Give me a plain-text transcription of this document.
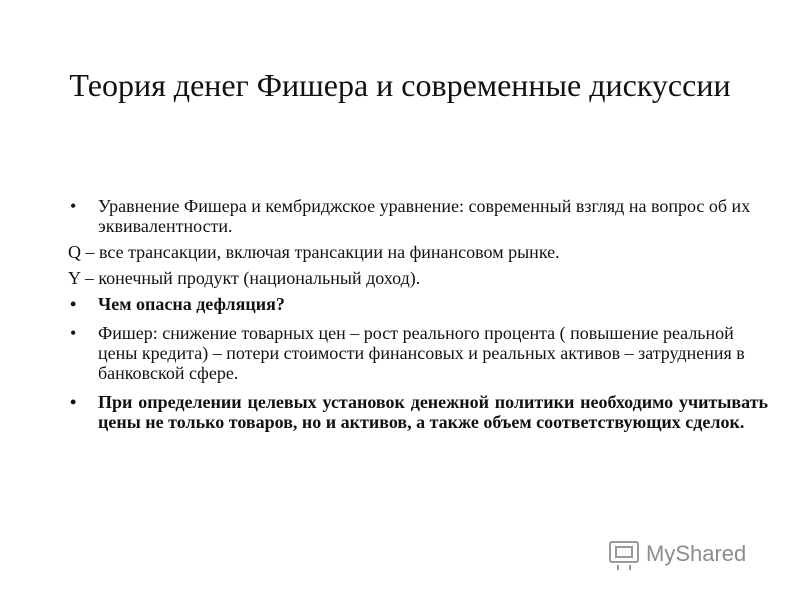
Теория денег Фишера и современные дискуссии
• Уравнение Фишера и кембриджское уравнение: современный взгляд на вопрос об их эквивалентности.
Q – все трансакции, включая трансакции на финансовом рынке.
Y – конечный продукт (национальный доход).
• Чем опасна дефляция?
• Фишер: снижение товарных цен – рост реального процента ( повышение реальной цены кредита) – потери стоимости финансовых и реальных активов – затруднения в банковской сфере.
• При определении целевых установок денежной политики необходимо учитывать цены не только товаров, но и активов, а также объем соответствующих сделок.
MyShared
